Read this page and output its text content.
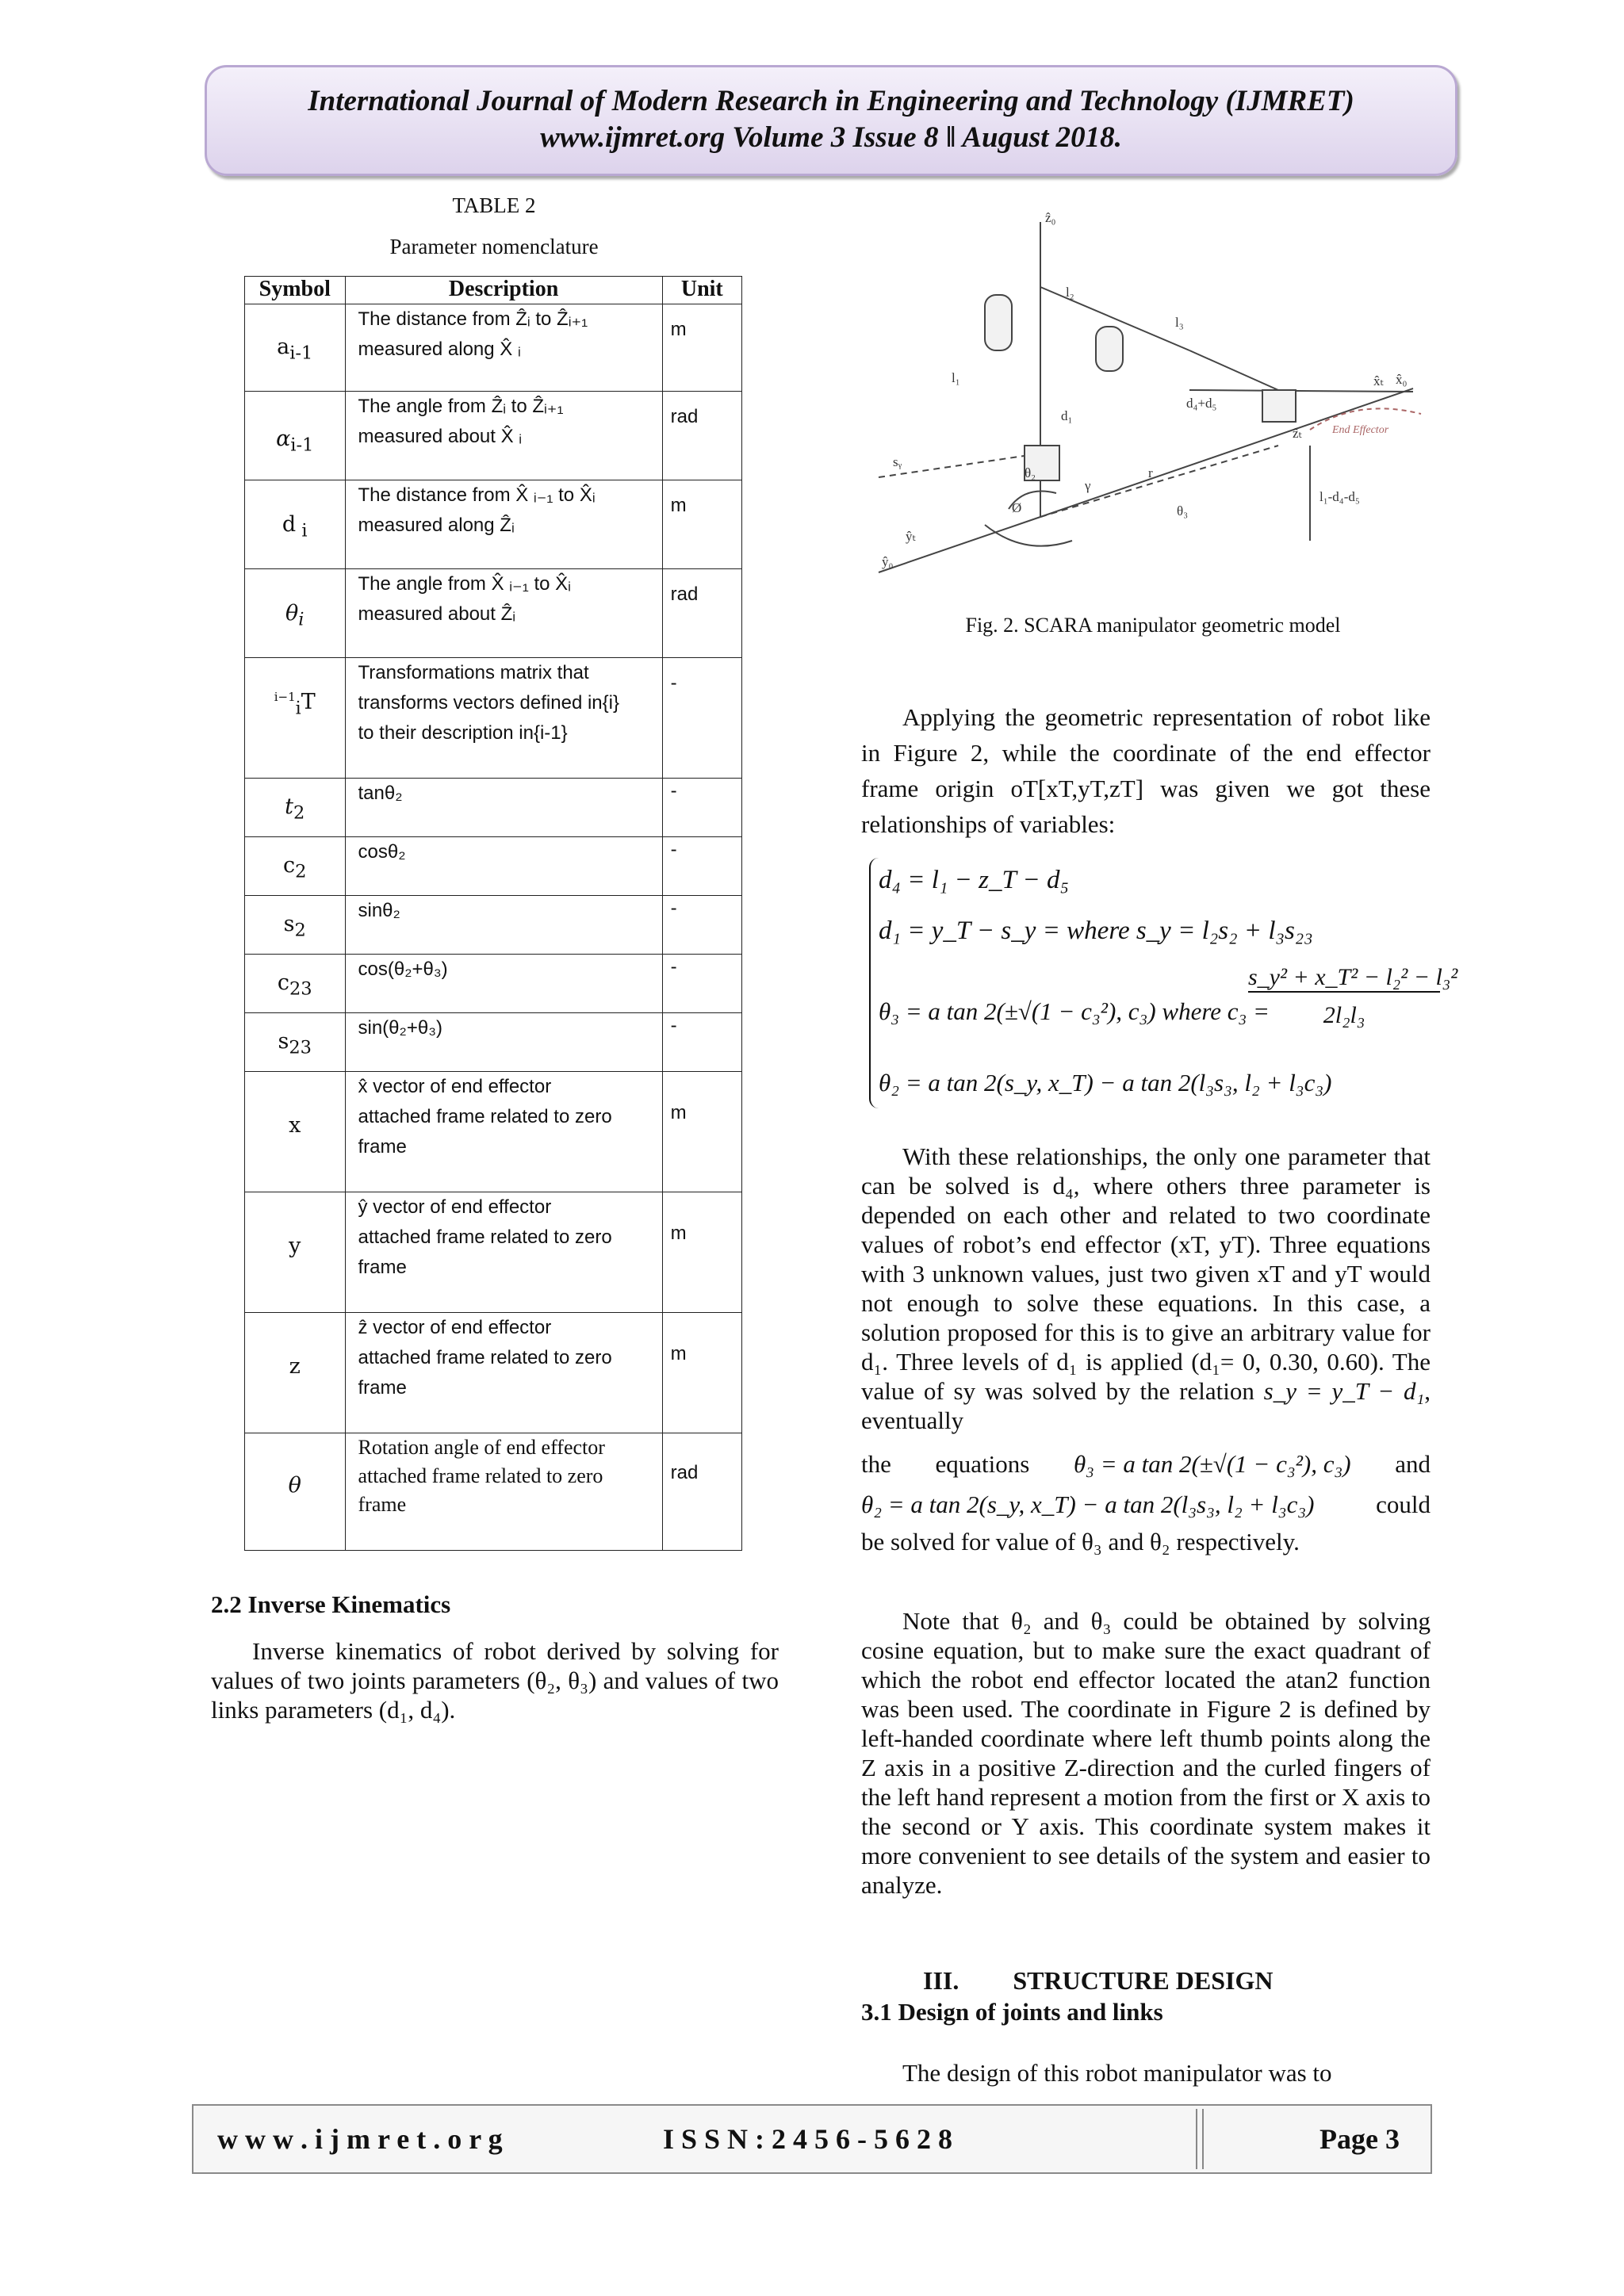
International Journal of Modern Research in Engineering and Technology (IJMRET)
www.ijmret.org Volume 3 Issue 8 ǁ August 2018.
TABLE 2
Parameter nomenclature
Symbol	Description	Unit
$a_{i-1}$	The distance from Ẑᵢ to Ẑᵢ₊₁
measured along X̂ ᵢ	m
$\alpha_{i-1}$	The angle from Ẑᵢ to Ẑᵢ₊₁
measured about X̂ ᵢ	rad
d $_i$	The distance from X̂ ᵢ₋₁ to X̂ᵢ
measured along Ẑᵢ	m
$\theta_i$	The angle from X̂ ᵢ₋₁ to X̂ᵢ
measured about Ẑᵢ	rad
$^{i-1}_i$T	Transformations matrix that
transforms vectors defined in{i}
to their description in{i-1}	-
$t_2$	tanθ₂	-
$c_2$	cosθ₂	-
$s_2$	sinθ₂	-
$c_{23}$	cos(θ₂+θ₃)	-
$s_{23}$	sin(θ₂+θ₃)	-
x	x̂ vector of end effector
attached frame related to zero
frame	m
y	ŷ vector of end effector
attached frame related to zero
frame	m
z	ẑ vector of end effector
attached frame related to zero
frame	m
θ	Rotation angle of end effector
attached frame related to zero
frame	rad
2.2 Inverse Kinematics

Inverse kinematics of robot derived by solving for values of two joints parameters (θ₂, θ₃) and values of two links parameters (d₁, d₄).

ẑ₀
x̂₀
ŷ₀
x̂ₜ
ŷₜ
ẑₜ
l₁
l₂
l₃
d₁
d₄+d₅
sᵧ
r
Ø
θ₂
θ₃
γ
End Effector
l₁-d₄-d₅
Fig. 2. SCARA manipulator geometric model

Applying the geometric representation of robot like in Figure 2, while the coordinate of the end effector frame origin oT[xT,yT,zT] was given we got these relationships of variables:

d₄ = l₁ − z_T − d₅
d₁ = y_T − s_y = where s_y = l₂s₂ + l₃s₂₃
θ₃ = a tan 2(±√(1 − c₃²), c₃) where c₃ =
s_y² + x_T² − l₂² − l₃²
2l₂l₃
θ₂ = a tan 2(s_y, x_T) − a tan 2(l₃s₃, l₂ + l₃c₃)

With these relationships, the only one parameter that can be solved is d₄, where others three parameter is depended on each other and related to two coordinate values of robot’s end effector (xT, yT). Three equations with 3 unknown values, just two given xT and yT would not enough to solve these equations. In this case, a solution proposed for this is to give an arbitrary value for d₁. Three levels of d₁ is applied (d₁= 0, 0.30, 0.60). The value of sy was solved by the relation s_y = y_T − d₁, eventually

the equations θ₃ = a tan 2(±√(1 − c₃²), c₃) and
θ₂ = a tan 2(s_y, x_T) − a tan 2(l₃s₃, l₂ + l₃c₃)	could
be solved for value of θ₃ and θ₂ respectively.

Note that θ₂ and θ₃ could be obtained by solving cosine equation, but to make sure the exact quadrant of which the robot end effector located the atan2 function was been used. The coordinate in Figure 2 is defined by left-handed coordinate where left thumb points along the Z axis in a positive Z-direction and the curled fingers of the left hand represent a motion from the first or X axis to the second or Y axis. This coordinate system makes it more convenient to see details of the system and easier to analyze.

III. STRUCTURE DESIGN
3.1 Design of joints and links

The design of this robot manipulator was to

w w w . i j m r e t . o r g	I S S N : 2 4 5 6 - 5 6 2 8	Page 3
